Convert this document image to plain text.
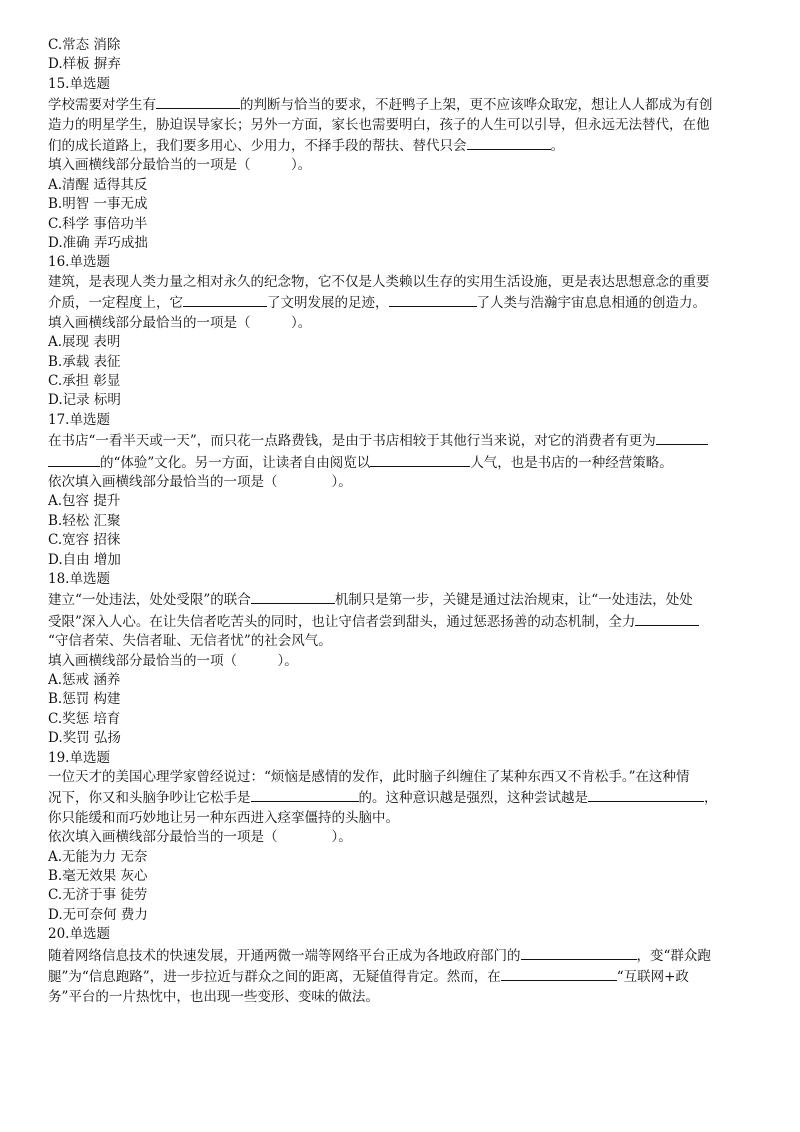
C.常态 消除
D.样板 摒弃
15.单选题
学校需要对学生有	的判断与恰当的要求，不赶鸭子上架，更不应该哗众取宠，想让人人都成为有创
造力的明星学生，胁迫误导家长；另外一方面，家长也需要明白，孩子的人生可以引导，但永远无法替代，在他
们的成长道路上，我们要多用心、少用力，不择手段的帮扶、替代只会	。
填入画横线部分最恰当的一项是（　　　）。
A.清醒 适得其反
B.明智 一事无成
C.科学 事倍功半
D.准确 弄巧成拙
16.单选题
建筑，是表现人类力量之相对永久的纪念物，它不仅是人类赖以生存的实用生活设施，更是表达思想意念的重要
介质，一定程度上，它	了文明发展的足迹，	了人类与浩瀚宇宙息息相通的创造力。
填入画横线部分最恰当的一项是（　　　）。
A.展现 表明
B.承载 表征
C.承担 彰显
D.记录 标明
17.单选题
在书店“一看半天或一天”，而只花一点路费钱，是由于书店相较于其他行当来说，对它的消费者有更为
的“体验”文化。另一方面，让读者自由阅览以	人气，也是书店的一种经营策略。
依次填入画横线部分最恰当的一项是（　　　　）。
A.包容 提升
B.轻松 汇聚
C.宽容 招徕
D.自由 增加
18.单选题
建立“一处违法，处处受限”的联合	机制只是第一步，关键是通过法治规束，让“一处违法，处处
受限”深入人心。在让失信者吃苦头的同时，也让守信者尝到甜头，通过惩恶扬善的动态机制，全力
“守信者荣、失信者耻、无信者忧”的社会风气。
填入画横线部分最恰当的一项（　　　）。
A.惩戒 涵养
B.惩罚 构建
C.奖惩 培育
D.奖罚 弘扬
19.单选题
一位天才的美国心理学家曾经说过：“烦恼是感情的发作，此时脑子纠缠住了某种东西又不肯松手。”在这种情
况下，你又和头脑争吵让它松手是	的。这种意识越是强烈，这种尝试越是	，
你只能缓和而巧妙地让另一种东西进入痉挛僵持的头脑中。
依次填入画横线部分最恰当的一项是（　　　　）。
A.无能为力 无奈
B.毫无效果 灰心
C.无济于事 徒劳
D.无可奈何 费力
20.单选题
随着网络信息技术的快速发展，开通两微一端等网络平台正成为各地政府部门的	，变“群众跑
腿”为“信息跑路”，进一步拉近与群众之间的距离，无疑值得肯定。然而，在	“互联网+政
务”平台的一片热忱中，也出现一些变形、变味的做法。
